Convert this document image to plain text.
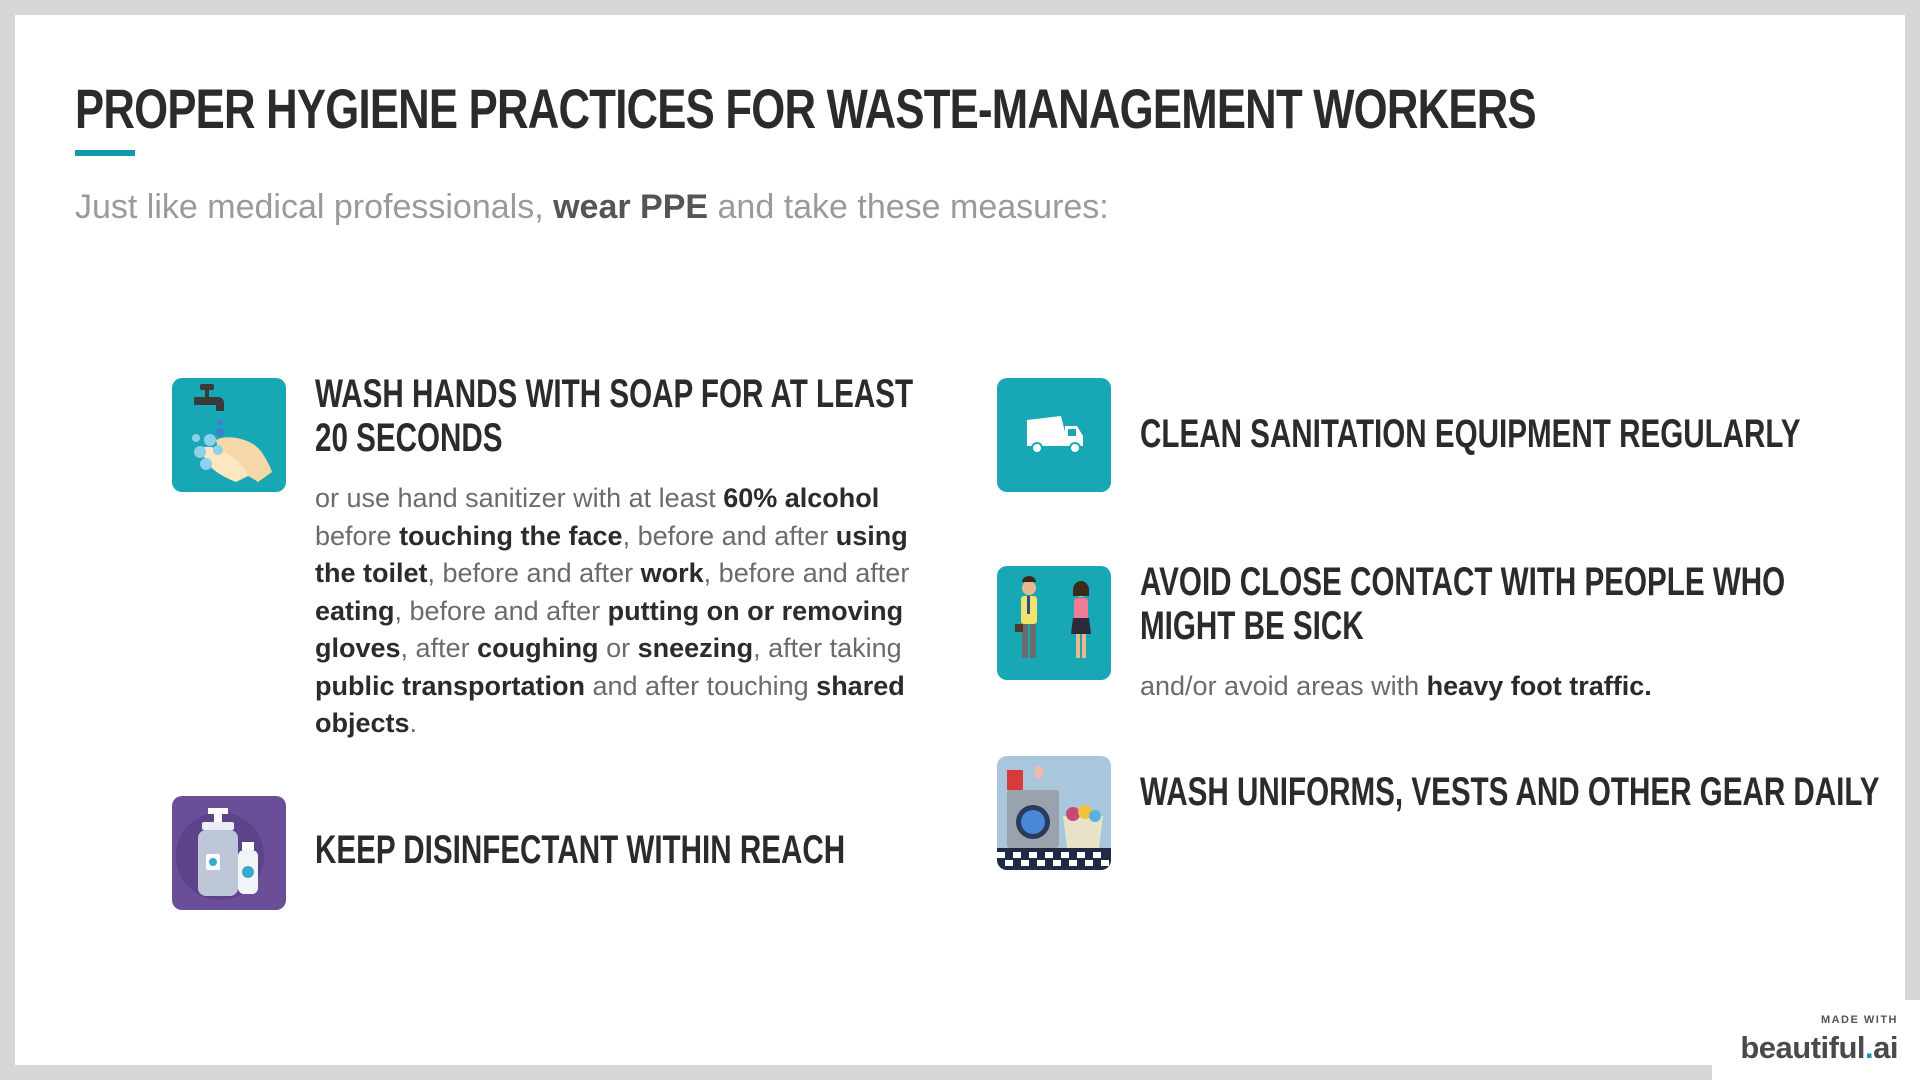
PROPER HYGIENE PRACTICES FOR WASTE-MANAGEMENT WORKERS
Just like medical professionals, wear PPE and take these measures:
WASH HANDS WITH SOAP FOR AT LEAST 20 SECONDS
or use hand sanitizer with at least 60% alcohol before touching the face, before and after using the toilet, before and after work, before and after eating, before and after putting on or removing gloves, after coughing or sneezing, after taking public transportation and after touching shared objects.
KEEP DISINFECTANT WITHIN REACH
CLEAN SANITATION EQUIPMENT REGULARLY
AVOID CLOSE CONTACT WITH PEOPLE WHO MIGHT BE SICK
and/or avoid areas with heavy foot traffic.
WASH UNIFORMS, VESTS AND OTHER GEAR DAILY
MADE WITH
beautiful.ai
